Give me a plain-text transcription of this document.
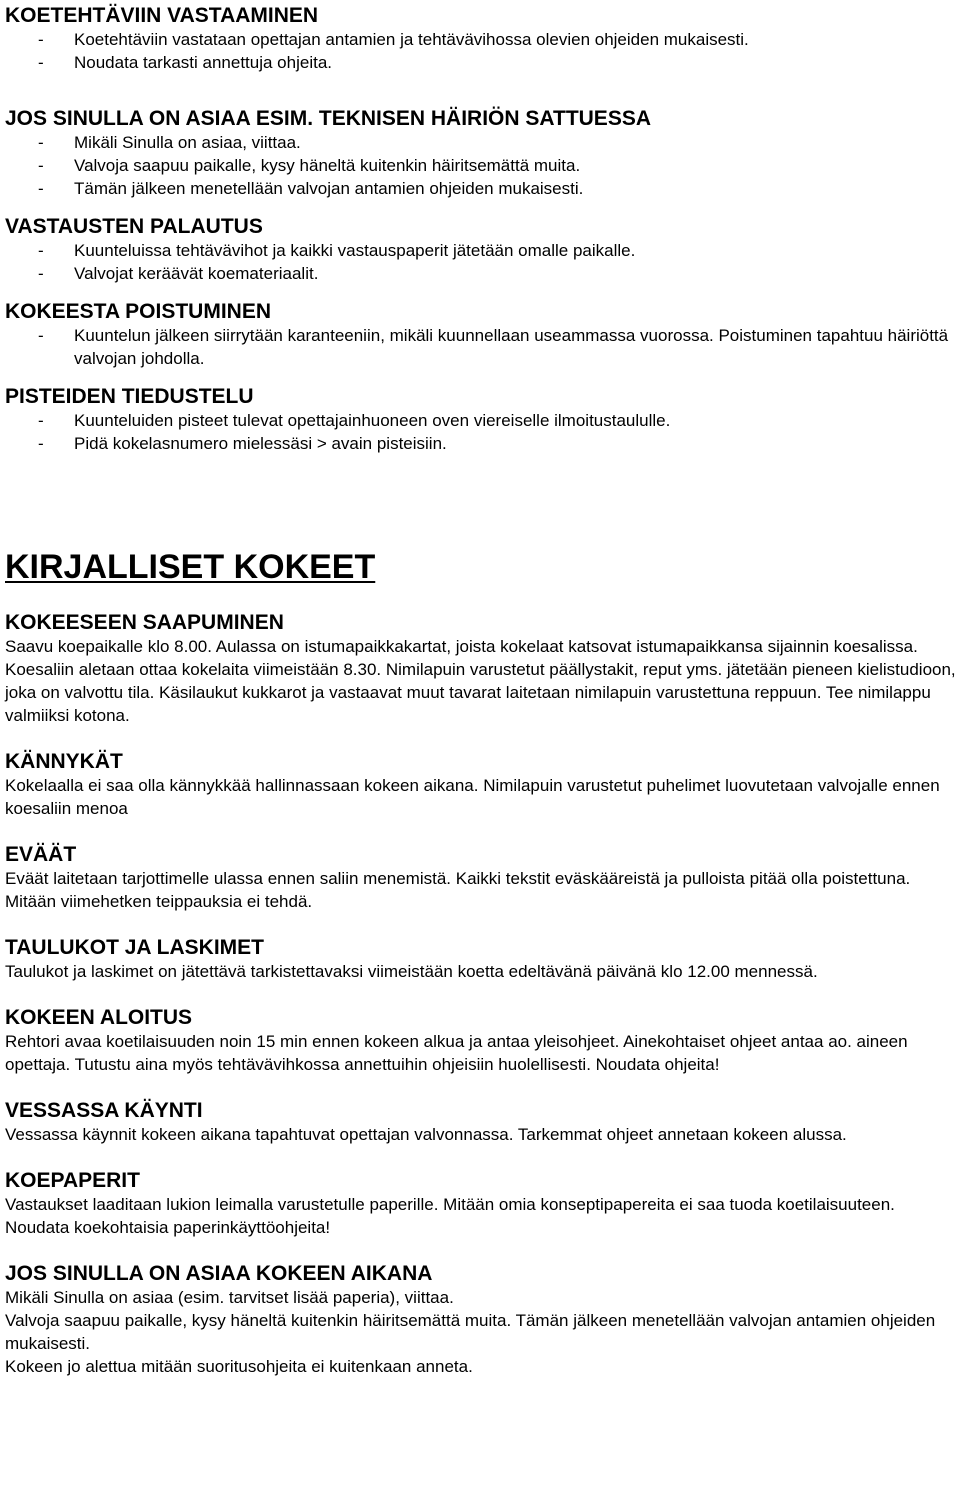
KOETEHTÄVIIN VASTAAMINEN
- Koetehtäviin vastataan opettajan antamien ja tehtävävihossa olevien ohjeiden mukaisesti.
- Noudata tarkasti annettuja ohjeita.
JOS SINULLA ON ASIAA ESIM. TEKNISEN HÄIRIÖN SATTUESSA
- Mikäli Sinulla on asiaa, viittaa.
- Valvoja saapuu paikalle, kysy häneltä kuitenkin häiritsemättä muita.
- Tämän jälkeen menetellään valvojan antamien ohjeiden mukaisesti.
VASTAUSTEN PALAUTUS
- Kuunteluissa tehtävävihot ja kaikki vastauspaperit jätetään omalle paikalle.
- Valvojat keräävät koemateriaalit.
KOKEESTA POISTUMINEN
- Kuuntelun jälkeen siirrytään karanteeniin, mikäli kuunnellaan useammassa vuorossa. Poistuminen tapahtuu häiriöttä valvojan johdolla.
PISTEIDEN TIEDUSTELU
- Kuunteluiden pisteet tulevat opettajainhuoneen oven viereiselle ilmoitustaululle.
- Pidä kokelasnumero mielessäsi > avain pisteisiin.
KIRJALLISET KOKEET
KOKEESEEN SAAPUMINEN

Saavu koepaikalle klo 8.00. Aulassa on istumapaikkakartat, joista kokelaat katsovat istumapaikkansa sijainnin koesalissa.

Koesaliin aletaan ottaa kokelaita viimeistään 8.30. Nimilapuin varustetut päällystakit, reput yms. jätetään pieneen kielistudioon, joka on valvottu tila. Käsilaukut kukkarot ja vastaavat muut tavarat laitetaan nimilapuin varustettuna reppuun. Tee nimilappu valmiiksi kotona.

KÄNNYKÄT

Kokelaalla ei saa olla kännykkää hallinnassaan kokeen aikana. Nimilapuin varustetut puhelimet luovutetaan valvojalle ennen koesaliin menoa

EVÄÄT

Eväät laitetaan tarjottimelle ulassa ennen saliin menemistä. Kaikki tekstit eväskääreistä ja pulloista pitää olla poistettuna. Mitään viimehetken teippauksia ei tehdä.

TAULUKOT JA LASKIMET

Taulukot ja laskimet on jätettävä tarkistettavaksi viimeistään koetta edeltävänä päivänä klo 12.00 mennessä.

KOKEEN ALOITUS

Rehtori avaa koetilaisuuden noin 15 min ennen kokeen alkua ja antaa yleisohjeet. Ainekohtaiset ohjeet antaa ao. aineen opettaja. Tutustu aina myös tehtävävihkossa annettuihin ohjeisiin huolellisesti. Noudata ohjeita!

VESSASSA KÄYNTI

Vessassa käynnit kokeen aikana tapahtuvat opettajan valvonnassa. Tarkemmat ohjeet annetaan kokeen alussa.

KOEPAPERIT

Vastaukset laaditaan lukion leimalla varustetulle paperille. Mitään omia konseptipapereita ei saa tuoda koetilaisuuteen. Noudata koekohtaisia paperinkäyttöohjeita!

JOS SINULLA ON ASIAA KOKEEN AIKANA

Mikäli Sinulla on asiaa (esim. tarvitset lisää paperia), viittaa.

Valvoja saapuu paikalle, kysy häneltä kuitenkin häiritsemättä muita. Tämän jälkeen menetellään valvojan antamien ohjeiden mukaisesti.

Kokeen jo alettua mitään suoritusohjeita ei kuitenkaan anneta.
